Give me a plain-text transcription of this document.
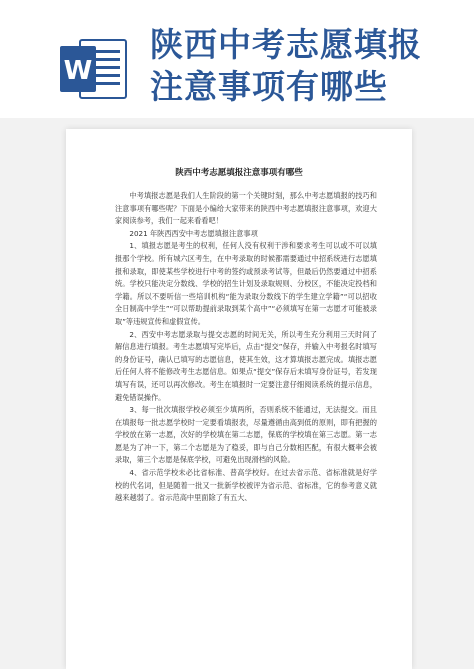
W
陕西中考志愿填报
注意事项有哪些
陕西中考志愿填报注意事项有哪些

中考填报志愿是我们人生阶段的第一个关键时刻，那么中考志愿填报的技巧和注意事项有哪些呢？下面是小编给大家带来的陕西中考志愿填报注意事项，欢迎大家阅读参考，我们一起来看看吧！

2021 年陕西西安中考志愿填报注意事项

1、填报志愿是考生的权利，任何人没有权利干涉和要求考生可以或不可以填报那个学校。所有城六区考生，在中考录取的时候都需要通过中招系统进行志愿填报和录取，即使某些学校进行中考的签约或预录考试等，但最后仍然要通过中招系统。学校只能决定分数线、学校的招生计划及录取规则、分校区，不能决定投档和学籍。所以不要听信一些培训机构“能为录取分数线下的学生建立学籍”“可以招收全日制高中学生”“可以帮助提前录取到某个高中”“必须填写在第一志愿才可能被录取”等违规宣传和虚假宣传。

2、西安中考志愿录取与提交志愿的时间无关，所以考生充分利用三天时间了解信息进行填报。考生志愿填写完毕后，点击“提交”保存，并输入中考报名时填写的身份证号，确认已填写的志愿信息，使其生效，这才算填报志愿完成。填报志愿后任何人将不能修改考生志愿信息。如果点“提交”保存后未填写身份证号，若发现填写有误，还可以再次修改。考生在填报时一定要注意仔细阅读系统的提示信息，避免错误操作。

3、每一批次填报学校必须至少填两所，否则系统不能通过，无法提交。而且在填报每一批志愿学校时一定要看填报表，尽量遵循由高到低的原则，即有把握的学校放在第一志愿，次好的学校填在第二志愿，保底的学校填在第三志愿。第一志愿是为了冲一下，第二个志愿是为了稳妥，即与自己分数相匹配，有很大概率会被录取，第三个志愿是保底学校，可避免出现滑档的风险。

4、省示范学校未必比省标准、普高学校好。在过去省示范、省标准就是好学校的代名词，但是随着一批又一批新学校被评为省示范、省标准，它的参考意义就越来越弱了。省示范高中里面除了有五大、
